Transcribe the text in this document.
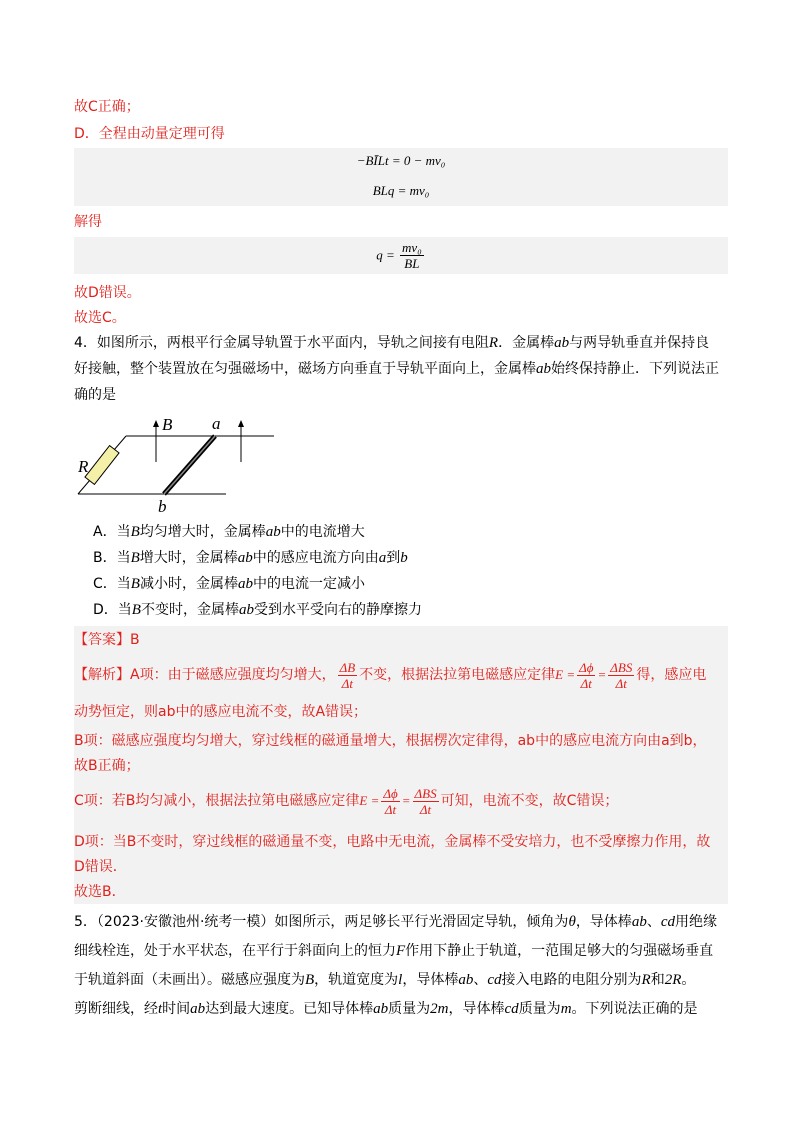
故C正确；
D．全程由动量定理可得
−BĪLt = 0 − mv₀
BLq = mv₀
解得
$q = \frac{\text{mv₀}}{BL}$
故D错误。
故选C。
4．如图所示，两根平行金属导轨置于水平面内，导轨之间接有电阻R．金属棒ab与两导轨垂直并保持良
好接触，整个装置放在匀强磁场中，磁场方向垂直于导轨平面向上，金属棒ab始终保持静止．下列说法正
确的是
R
B a
b
A．当B均匀增大时，金属棒ab中的电流增大
B．当B增大时，金属棒ab中的感应电流方向由a到b
C．当B减小时，金属棒ab中的电流一定减小
D．当B不变时，金属棒ab受到水平受向右的静摩擦力
【答案】B
【解析】A项：由于磁感应强度均匀增大， $\frac{\Delta B}{\Delta t}$ 不变，根据法拉第电磁感应定律$E = \frac{\Delta\phi}{\Delta t} = \frac{\text{ΔBS}}{\Delta t}$ 得，感应电
动势恒定，则ab中的感应电流不变，故A错误；
B项：磁感应强度均匀增大，穿过线框的磁通量增大，根据楞次定律得，ab中的感应电流方向由a到b，
故B正确；
C项：若B均匀减小，根据法拉第电磁感应定律$E = \frac{\Delta\phi}{\Delta t} = \frac{\text{ΔBS}}{\Delta t}$ 可知，电流不变，故C错误；
D项：当B不变时，穿过线框的磁通量不变，电路中无电流，金属棒不受安培力，也不受摩擦力作用，故
D错误．
故选B．
5．（2023·安徽池州·统考一模）如图所示，两足够长平行光滑固定导轨，倾角为θ，导体棒ab、cd用绝缘
细线栓连，处于水平状态，在平行于斜面向上的恒力F作用下静止于轨道，一范围足够大的匀强磁场垂直
于轨道斜面（未画出）。磁感应强度为B，轨道宽度为l，导体棒ab、cd接入电路的电阻分别为R和2R。
剪断细线，经t时间ab达到最大速度。已知导体棒ab质量为2m，导体棒cd质量为m。下列说法正确的是
